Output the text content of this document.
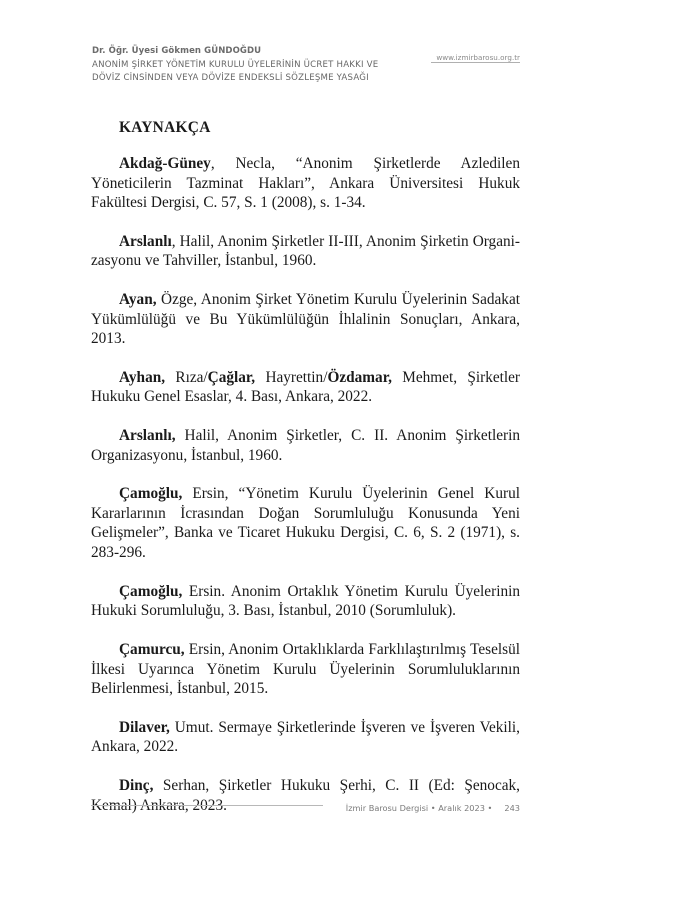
www.izmirbarosu.org.tr
Dr. Öğr. Üyesi Gökmen GÜNDOĞDU
ANONİM ŞİRKET YÖNETİM KURULU ÜYELERİNİN ÜCRET HAKKI VE
DÖVİZ CİNSİNDEN VEYA DÖVİZE ENDEKSLİ SÖZLEŞME YASAĞI
KAYNAKÇA

Akdağ-Güney, Necla, “Anonim Şirketlerde Azledilen Yöneticilerin Tazminat Hakları”, Ankara Üniversitesi Hukuk Fakültesi Dergisi, C. 57, S. 1 (2008), s. 1-34.

Arslanlı, Halil, Anonim Şirketler II-III, Anonim Şirketin Organizasyonu ve Tahviller, İstanbul, 1960.

Ayan, Özge, Anonim Şirket Yönetim Kurulu Üyelerinin Sadakat Yükümlülüğü ve Bu Yükümlülüğün İhlalinin Sonuçları, Ankara, 2013.

Ayhan, Rıza/Çağlar, Hayrettin/Özdamar, Mehmet, Şirketler Hukuku Genel Esaslar, 4. Bası, Ankara, 2022.

Arslanlı, Halil, Anonim Şirketler, C. II. Anonim Şirketlerin Organizasyonu, İstanbul, 1960.

Çamoğlu, Ersin, “Yönetim Kurulu Üyelerinin Genel Kurul Kararlarının İcrasından Doğan Sorumluluğu Konusunda Yeni Gelişmeler”, Banka ve Ticaret Hukuku Dergisi, C. 6, S. 2 (1971), s. 283-296.

Çamoğlu, Ersin. Anonim Ortaklık Yönetim Kurulu Üyelerinin Hukuki Sorumluluğu, 3. Bası, İstanbul, 2010 (Sorumluluk).

Çamurcu, Ersin, Anonim Ortaklıklarda Farklılaştırılmış Teselsül İlkesi Uyarınca Yönetim Kurulu Üyelerinin Sorumluluklarının Belirlenmesi, İstanbul, 2015.

Dilaver, Umut. Sermaye Şirketlerinde İşveren ve İşveren Vekili, Ankara, 2022.

Dinç, Serhan, Şirketler Hukuku Şerhi, C. II (Ed: Şenocak, Kemal) Ankara, 2023.	İzmir Barosu Dergisi • Aralık 2023 • 243
